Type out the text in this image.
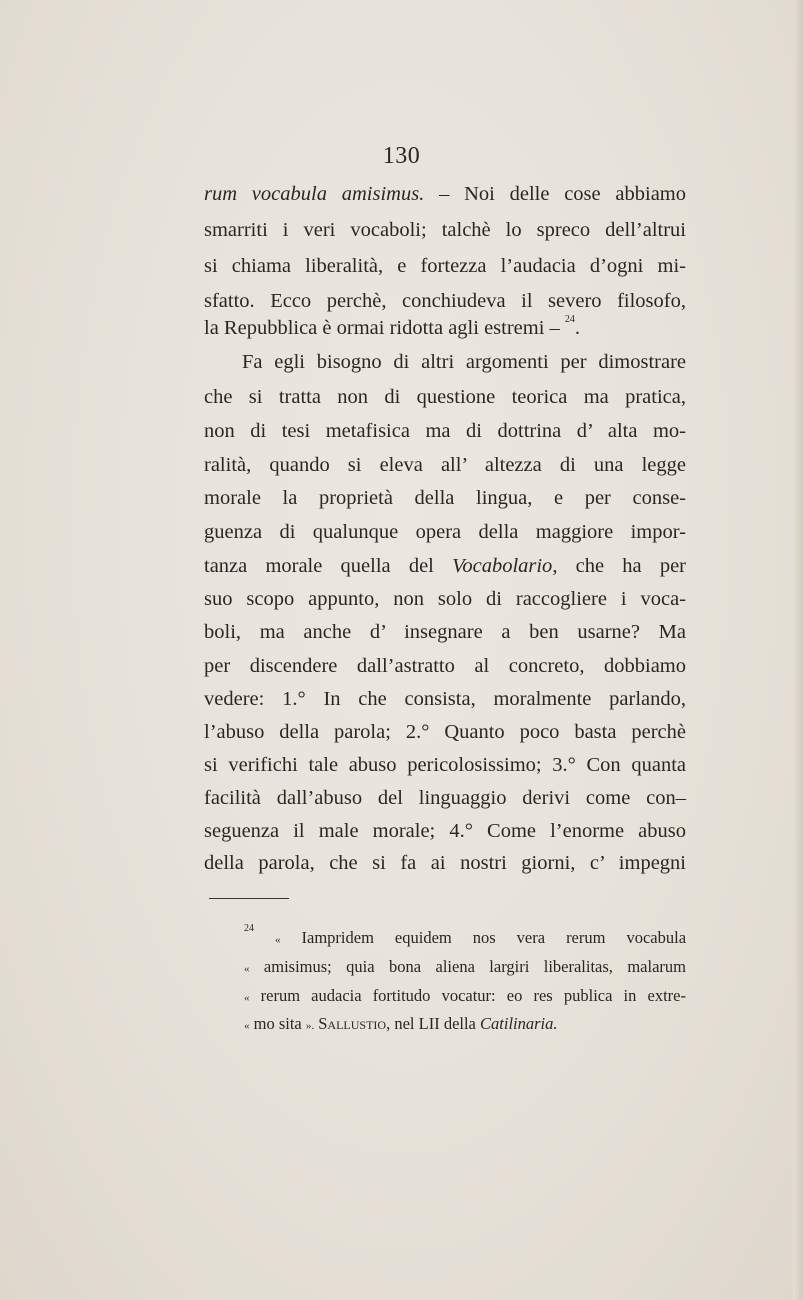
130
rum vocabula amisimus. – Noi delle cose abbiamo
smarriti i veri vocaboli; talchè lo spreco dell’altrui
si chiama liberalità, e fortezza l’audacia d’ogni mi-
sfatto. Ecco perchè, conchiudeva il severo filosofo,
la Repubblica è ormai ridotta agli estremi – $^{24}$.
Fa egli bisogno di altri argomenti per dimostrare
che si tratta non di questione teorica ma pratica,
non di tesi metafisica ma di dottrina d’ alta mo-
ralità, quando si eleva all’ altezza di una legge
morale la proprietà della lingua, e per conse-
guenza di qualunque opera della maggiore impor-
tanza morale quella del Vocabolario, che ha per
suo scopo appunto, non solo di raccogliere i voca-
boli, ma anche d’ insegnare a ben usarne? Ma
per discendere dall’astratto al concreto, dobbiamo
vedere: 1.° In che consista, moralmente parlando,
l’abuso della parola; 2.° Quanto poco basta perchè
si verifichi tale abuso pericolosissimo; 3.° Con quanta
facilità dall’abuso del linguaggio derivi come con–
seguenza il male morale; 4.° Come l’enorme abuso
della parola, che si fa ai nostri giorni, c’ impegni
$^{24}$ « Iampridem equidem nos vera rerum vocabula
« amisimus; quia bona aliena largiri liberalitas, malarum
« rerum audacia fortitudo vocatur: eo res publica in extre-
« mo sita ». Sallustio, nel LII della Catilinaria.
